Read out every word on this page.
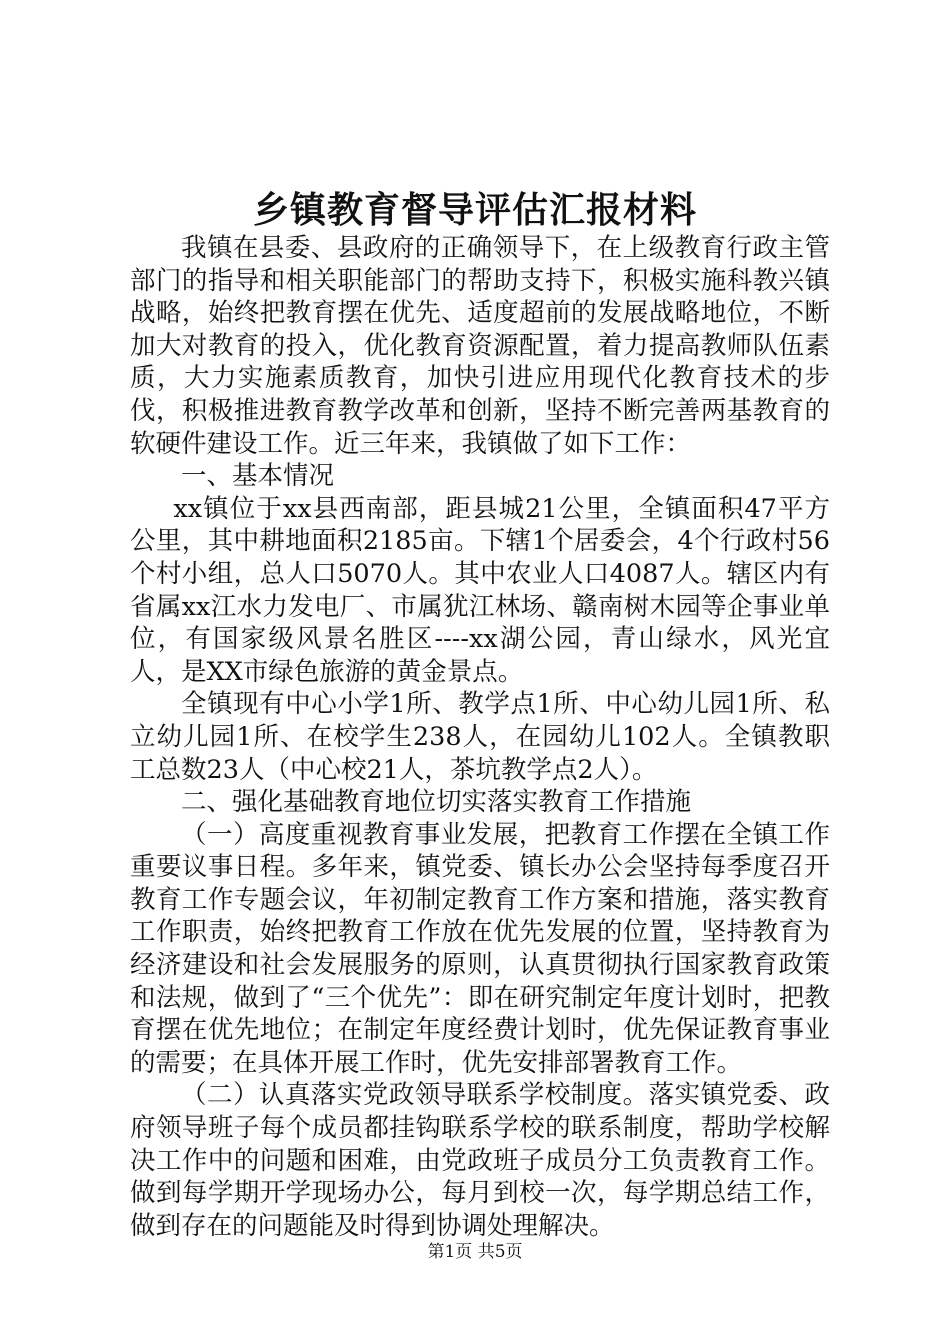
乡镇教育督导评估汇报材料

我镇在县委、县政府的正确领导下，在上级教育行政主管部门的指导和相关职能部门的帮助支持下，积极实施科教兴镇战略，始终把教育摆在优先、适度超前的发展战略地位，不断加大对教育的投入，优化教育资源配置，着力提高教师队伍素质，大力实施素质教育，加快引进应用现代化教育技术的步伐，积极推进教育教学改革和创新，坚持不断完善两基教育的软硬件建设工作。近三年来，我镇做了如下工作：

一、基本情况

xx镇位于xx县西南部，距县城21公里，全镇面积47平方公里，其中耕地面积2185亩。下辖1个居委会，4个行政村56个村小组，总人口5070人。其中农业人口4087人。辖区内有省属xx江水力发电厂、市属犹江林场、赣南树木园等企事业单位，有国家级风景名胜区----xx湖公园，青山绿水，风光宜人，是XX市绿色旅游的黄金景点。

全镇现有中心小学1所、教学点1所、中心幼儿园1所、私立幼儿园1所、在校学生238人，在园幼儿102人。全镇教职工总数23人（中心校21人，茶坑教学点2人）。

二、强化基础教育地位切实落实教育工作措施

（一）高度重视教育事业发展，把教育工作摆在全镇工作重要议事日程。多年来，镇党委、镇长办公会坚持每季度召开教育工作专题会议，年初制定教育工作方案和措施，落实教育工作职责，始终把教育工作放在优先发展的位置，坚持教育为经济建设和社会发展服务的原则，认真贯彻执行国家教育政策和法规，做到了“三个优先”：即在研究制定年度计划时，把教育摆在优先地位；在制定年度经费计划时，优先保证教育事业的需要；在具体开展工作时，优先安排部署教育工作。

（二）认真落实党政领导联系学校制度。落实镇党委、政府领导班子每个成员都挂钩联系学校的联系制度，帮助学校解决工作中的问题和困难，由党政班子成员分工负责教育工作。做到每学期开学现场办公，每月到校一次，每学期总结工作，做到存在的问题能及时得到协调处理解决。

第1页 共5页
